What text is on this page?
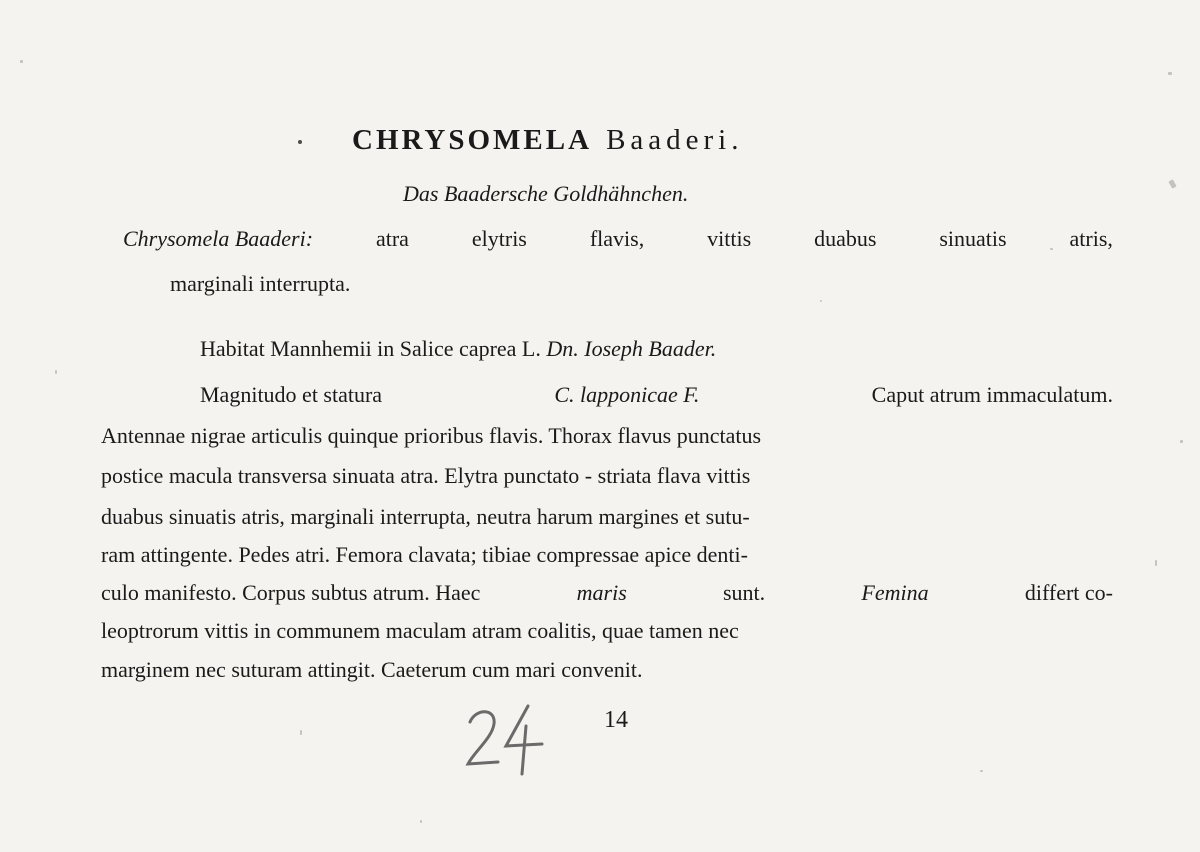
CHRYSOMELA Baaderi.
Das Baadersche Goldhähnchen.
Chrysomela Baaderi:	atra	elytris	flavis,	vittis	duabus	sinuatis	atris,
marginali interrupta.
Habitat Mannhemii in Salice caprea L. Dn. Ioseph Baader.
Magnitudo et statura	C. lapponicae F.	Caput atrum immaculatum.
Antennae nigrae articulis quinque prioribus flavis. Thorax flavus punctatus
postice macula transversa sinuata atra. Elytra punctato - striata flava vittis
duabus sinuatis atris, marginali interrupta, neutra harum margines et sutu-
ram attingente. Pedes atri. Femora clavata; tibiae compressae apice denti-
culo manifesto. Corpus subtus atrum. Haec	maris	sunt.	Femina	differt co-
leoptrorum vittis in communem maculam atram coalitis, quae tamen nec
marginem nec suturam attingit. Caeterum cum mari convenit.
14
